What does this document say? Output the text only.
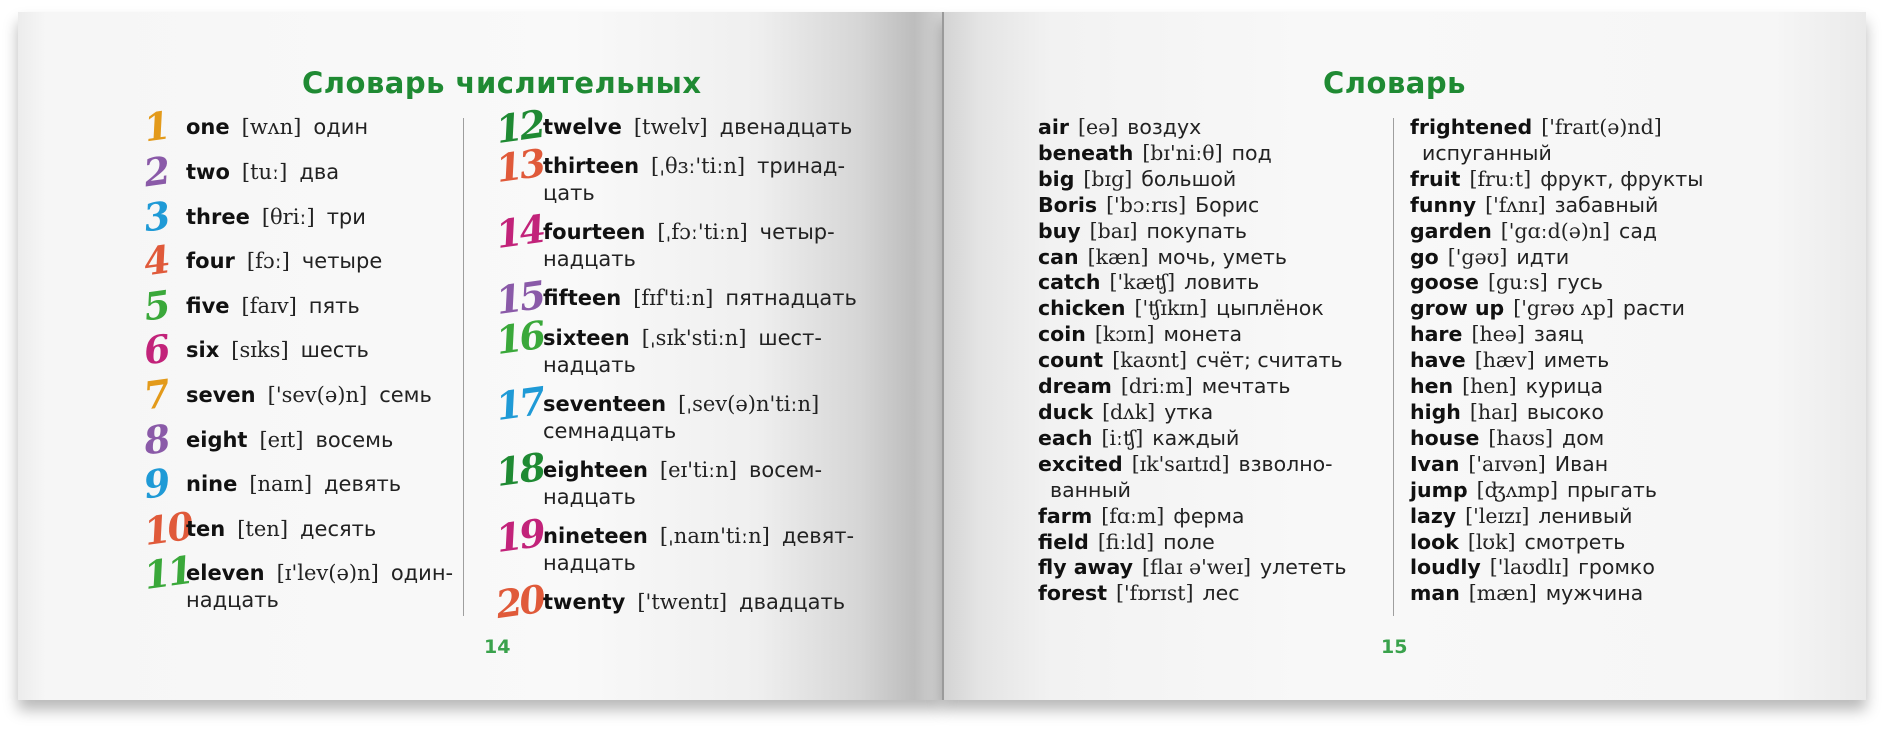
Словарь числительных	Словарь
14	15
1 one [wʌn] один
2 two [tuː] два
3 three [θriː] три
4 four [fɔː] четыре
5 five [faɪv] пять
6 six [sɪks] шесть
7 seven ['sev(ə)n] семь
8 eight [eɪt] восемь
9 nine [naɪn] девять
10
ten [ten] десять
11
eleven [ɪ'lev(ə)n] один-
надцать
12
twelve [twelv] двенадцать
13
thirteen [ˌθɜː'tiːn] тринад-
цать
14
fourteen [ˌfɔː'tiːn] четыр-
надцать
15
fifteen [fɪf'tiːn] пятнадцать
16
sixteen [ˌsɪk'stiːn] шест-
надцать
17
seventeen [ˌsev(ə)n'tiːn]
семнадцать
18
eighteen [eɪ'tiːn] восем-
надцать
19
nineteen [ˌnaɪn'tiːn] девят-
надцать
20
twenty ['twentɪ] двадцать
air [eə] воздух
beneath [bɪ'niːθ] под
big [bɪg] большой
Boris ['bɔːrɪs] Борис
buy [baɪ] покупать
can [kæn] мочь, уметь
catch ['kæʧ] ловить
chicken ['ʧɪkɪn] цыплёнок
coin [kɔɪn] монета
count [kaʊnt] счёт; считать
dream [driːm] мечтать
duck [dʌk] утка
each [iːʧ] каждый
excited [ɪk'saɪtɪd] взволно-
ванный
farm [fɑːm] ферма
field [fiːld] поле
fly away [flaɪ ə'weɪ] улететь
forest ['fɒrɪst] лес
frightened ['fraɪt(ə)nd]
испуганный
fruit [fruːt] фрукт, фрукты
funny ['fʌnɪ] забавный
garden ['gɑːd(ə)n] сад
go ['gəʊ] идти
goose [guːs] гусь
grow up ['grəʊ ʌp] расти
hare [heə] заяц
have [hæv] иметь
hen [hen] курица
high [haɪ] высоко
house [haʊs] дом
Ivan ['aɪvən] Иван
jump [ʤʌmp] прыгать
lazy ['leɪzɪ] ленивый
look [lʊk] смотреть
loudly ['laʊdlɪ] громко
man [mæn] мужчина
